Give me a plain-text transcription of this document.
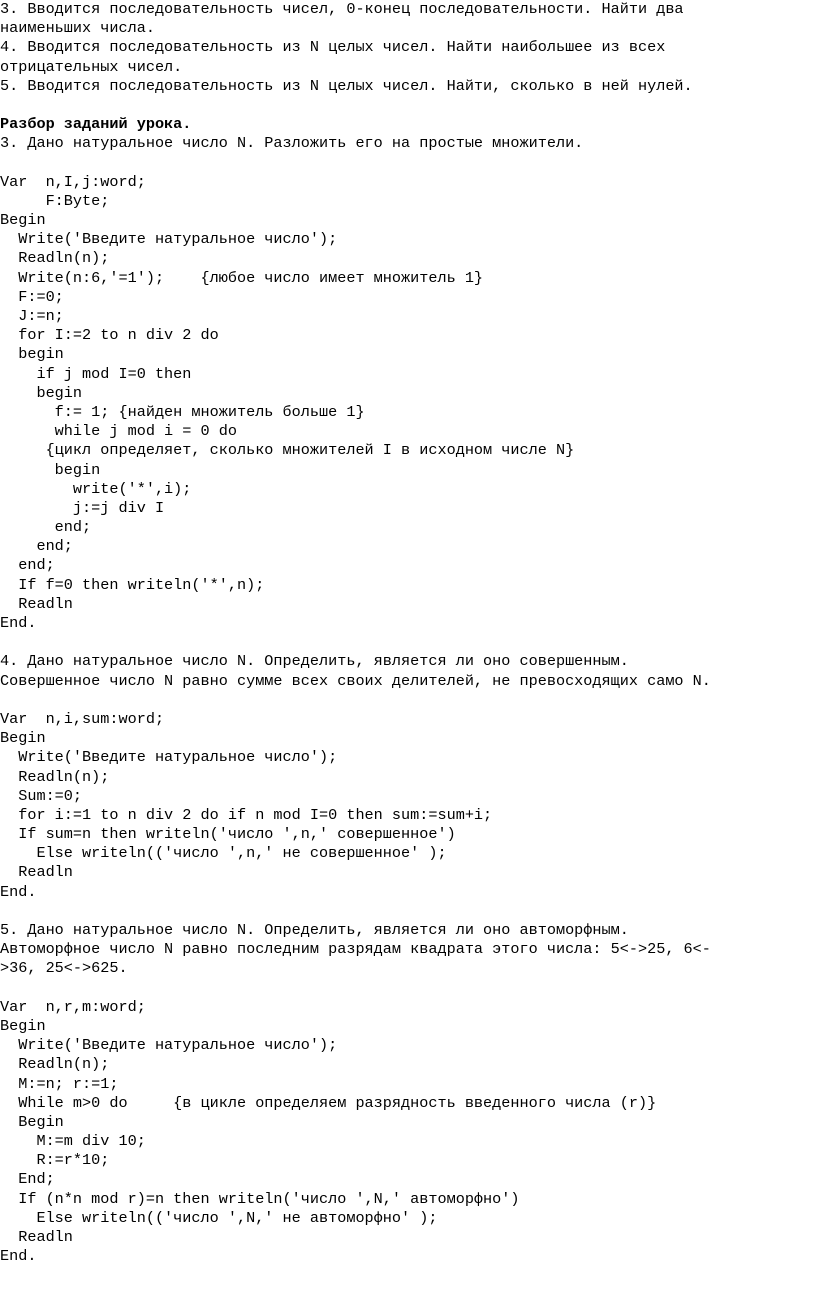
3. Вводится последовательность чисел, 0-конец последовательности. Найти два
наименьших числа.
4. Вводится последовательность из N целых чисел. Найти наибольшее из всех
отрицательных чисел.
5. Вводится последовательность из N целых чисел. Найти, сколько в ней нулей.
Разбор заданий урока.
3. Дано натуральное число N. Разложить его на простые множители.
Var  n,I,j:word;
F:Byte;
Begin
Write('Введите натуральное число');
Readln(n);
Write(n:6,'=1');    {любое число имеет множитель 1}
F:=0;
J:=n;
for I:=2 to n div 2 do
begin
if j mod I=0 then
begin
f:= 1; {найден множитель больше 1}
while j mod i = 0 do
{цикл определяет, сколько множителей I в исходном числе N}
begin
write('*',i);
j:=j div I
end;
end;
end;
If f=0 then writeln('*',n);
Readln
End.
4. Дано натуральное число N. Определить, является ли оно совершенным.
Совершенное число N равно сумме всех своих делителей, не превосходящих само N.
Var  n,i,sum:word;
Begin
Write('Введите натуральное число');
Readln(n);
Sum:=0;
for i:=1 to n div 2 do if n mod I=0 then sum:=sum+i;
If sum=n then writeln('число ',n,' совершенное')
Else writeln(('число ',n,' не совершенное' );
Readln
End.
5. Дано натуральное число N. Определить, является ли оно автоморфным.
Автоморфное число N равно последним разрядам квадрата этого числа: 5<->25, 6<-
>36, 25<->625.
Var  n,r,m:word;
Begin
Write('Введите натуральное число');
Readln(n);
M:=n; r:=1;
While m>0 do     {в цикле определяем разрядность введенного числа (r)}
Begin
M:=m div 10;
R:=r*10;
End;
If (n*n mod r)=n then writeln('число ',N,' автоморфно')
Else writeln(('число ',N,' не автоморфно' );
Readln
End.
